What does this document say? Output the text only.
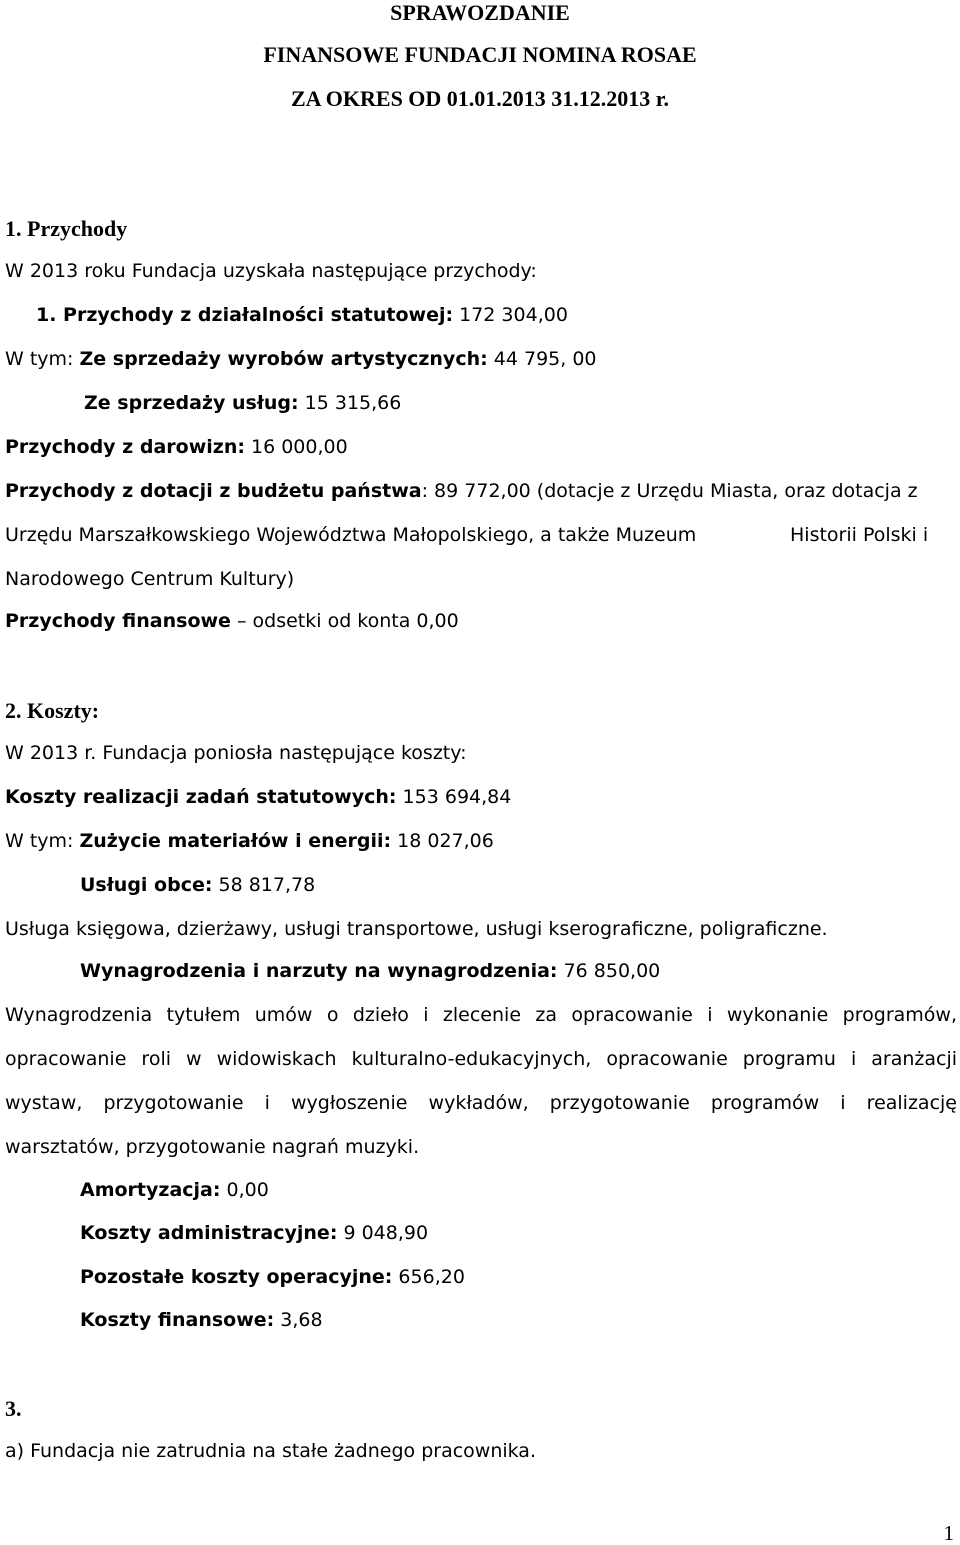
SPRAWOZDANIE
FINANSOWE FUNDACJI NOMINA ROSAE
ZA OKRES OD 01.01.2013 31.12.2013 r.
1. Przychody
W 2013 roku Fundacja uzyskała następujące przychody:
1. Przychody z działalności statutowej: 172 304,00
W tym: Ze sprzedaży wyrobów artystycznych: 44 795, 00
Ze sprzedaży usług: 15 315,66
Przychody z darowizn: 16 000,00
Przychody z dotacji z budżetu państwa: 89 772,00 (dotacje z Urzędu Miasta, oraz dotacja z
Urzędu Marszałkowskiego Województwa Małopolskiego, a także Muzeum	Historii Polski i
Narodowego Centrum Kultury)
Przychody finansowe – odsetki od konta 0,00
2. Koszty:
W 2013 r. Fundacja poniosła następujące koszty:
Koszty realizacji zadań statutowych: 153 694,84
W tym: Zużycie materiałów i energii: 18 027,06
Usługi obce: 58 817,78
Usługa księgowa, dzierżawy, usługi transportowe, usługi kserograficzne, poligraficzne.
Wynagrodzenia i narzuty na wynagrodzenia: 76 850,00
Wynagrodzenia tytułem umów o dzieło i zlecenie za opracowanie i wykonanie programów,
opracowanie roli w widowiskach kulturalno-edukacyjnych, opracowanie programu i aranżacji
wystaw, przygotowanie i wygłoszenie wykładów, przygotowanie programów i realizację
warsztatów, przygotowanie nagrań muzyki.
Amortyzacja: 0,00
Koszty administracyjne: 9 048,90
Pozostałe koszty operacyjne: 656,20
Koszty finansowe: 3,68
3.
a) Fundacja nie zatrudnia na stałe żadnego pracownika.
1
